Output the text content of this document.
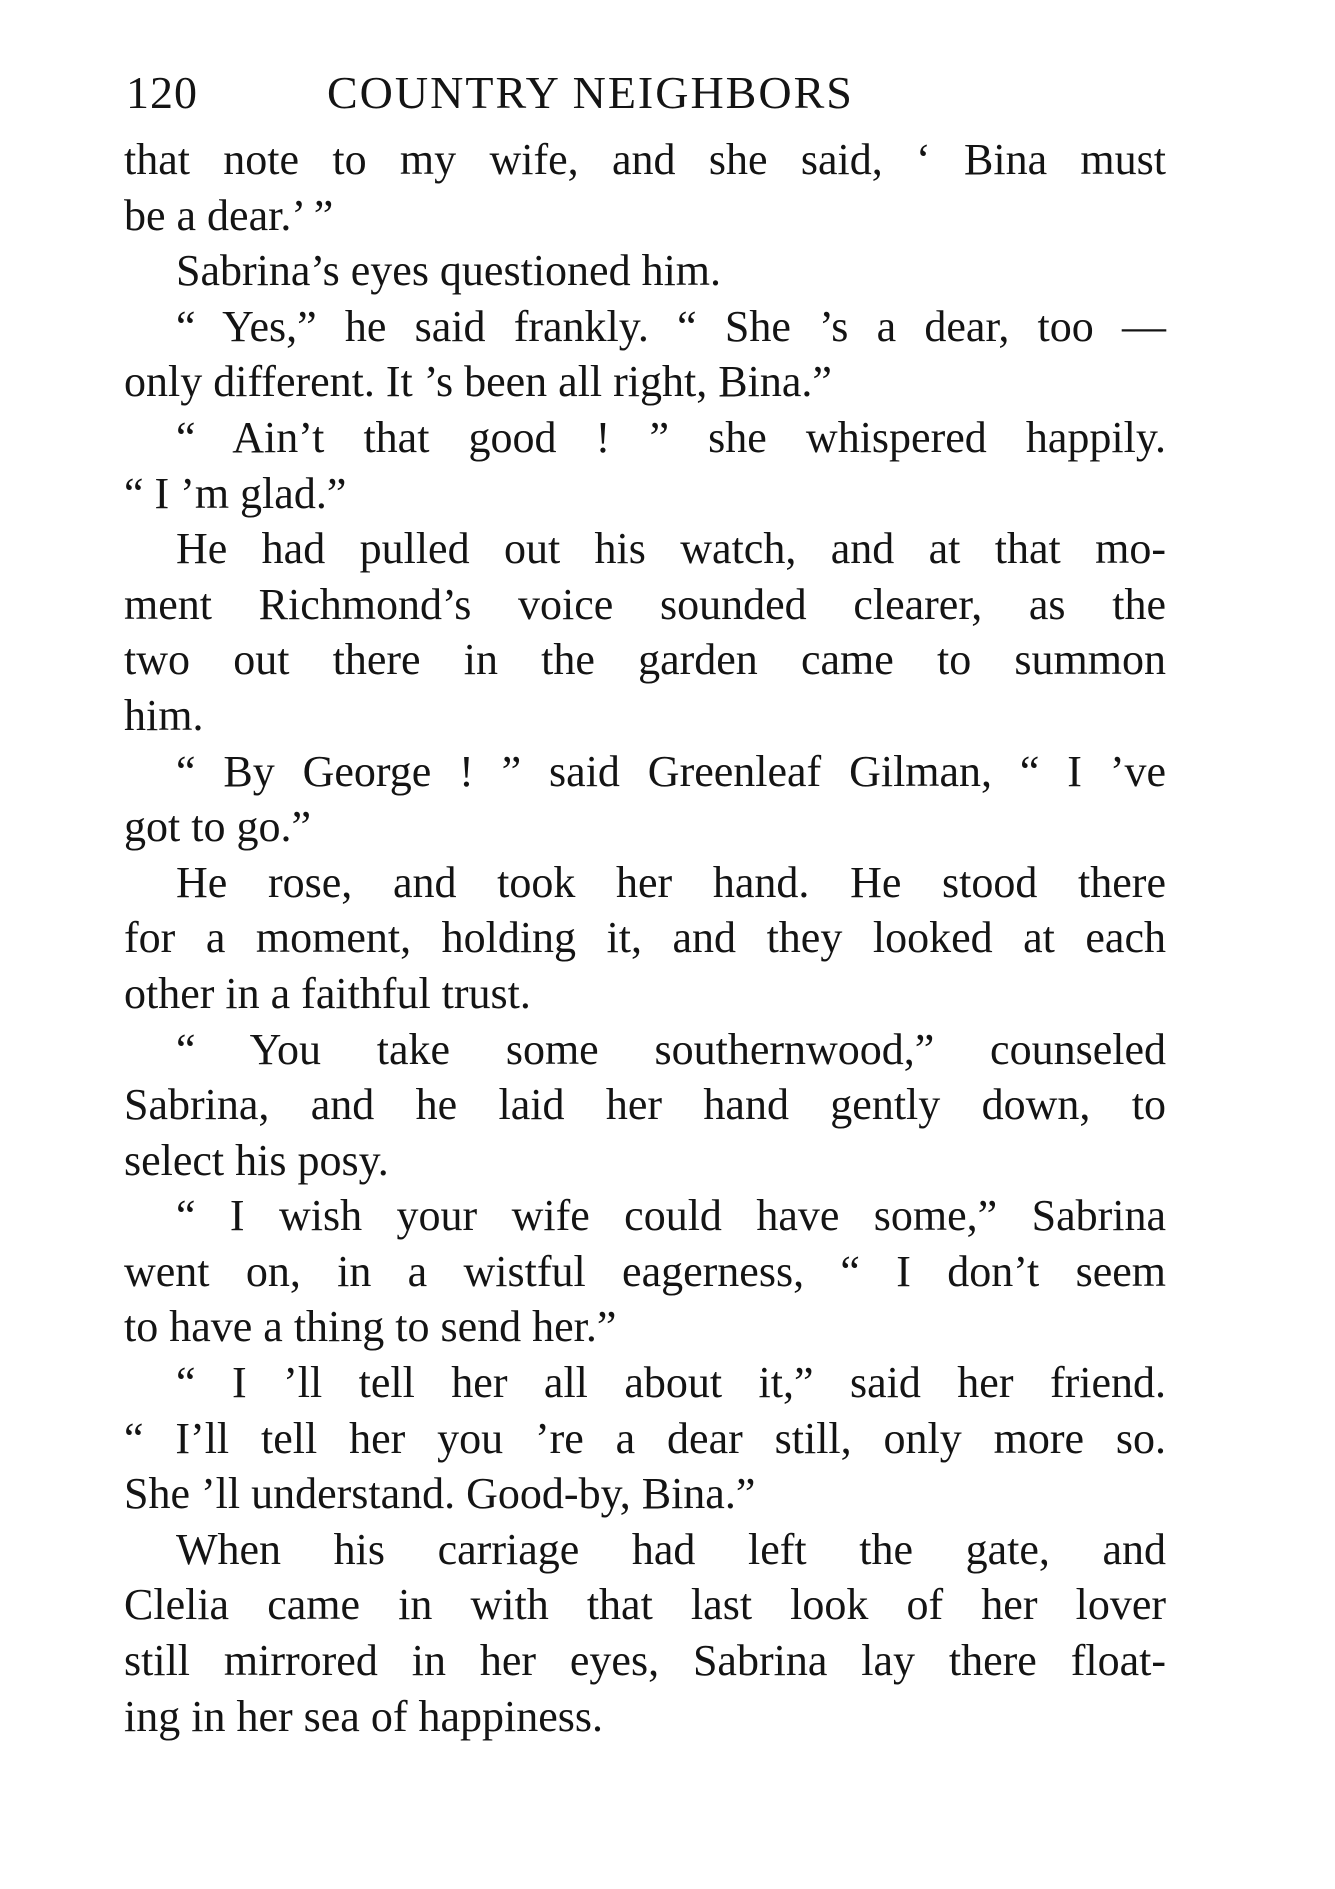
120	COUNTRY NEIGHBORS
that note to my wife, and she said, ‘ Bina must
be a dear.’ ”
Sabrina’s eyes questioned him.
“ Yes,” he said frankly. “ She ’s a dear, too —
only different. It ’s been all right, Bina.”
“ Ain’t that good ! ” she whispered happily.
“ I ’m glad.”
He had pulled out his watch, and at that mo-
ment Richmond’s voice sounded clearer, as the
two out there in the garden came to summon
him.
“ By George ! ” said Greenleaf Gilman, “ I ’ve
got to go.”
He rose, and took her hand. He stood there
for a moment, holding it, and they looked at each
other in a faithful trust.
“ You take some southernwood,” counseled
Sabrina, and he laid her hand gently down, to
select his posy.
“ I wish your wife could have some,” Sabrina
went on, in a wistful eagerness, “ I don’t seem
to have a thing to send her.”
“ I ’ll tell her all about it,” said her friend.
“ I’ll tell her you ’re a dear still, only more so.
She ’ll understand. Good-by, Bina.”
When his carriage had left the gate, and
Clelia came in with that last look of her lover
still mirrored in her eyes, Sabrina lay there float-
ing in her sea of happiness.
